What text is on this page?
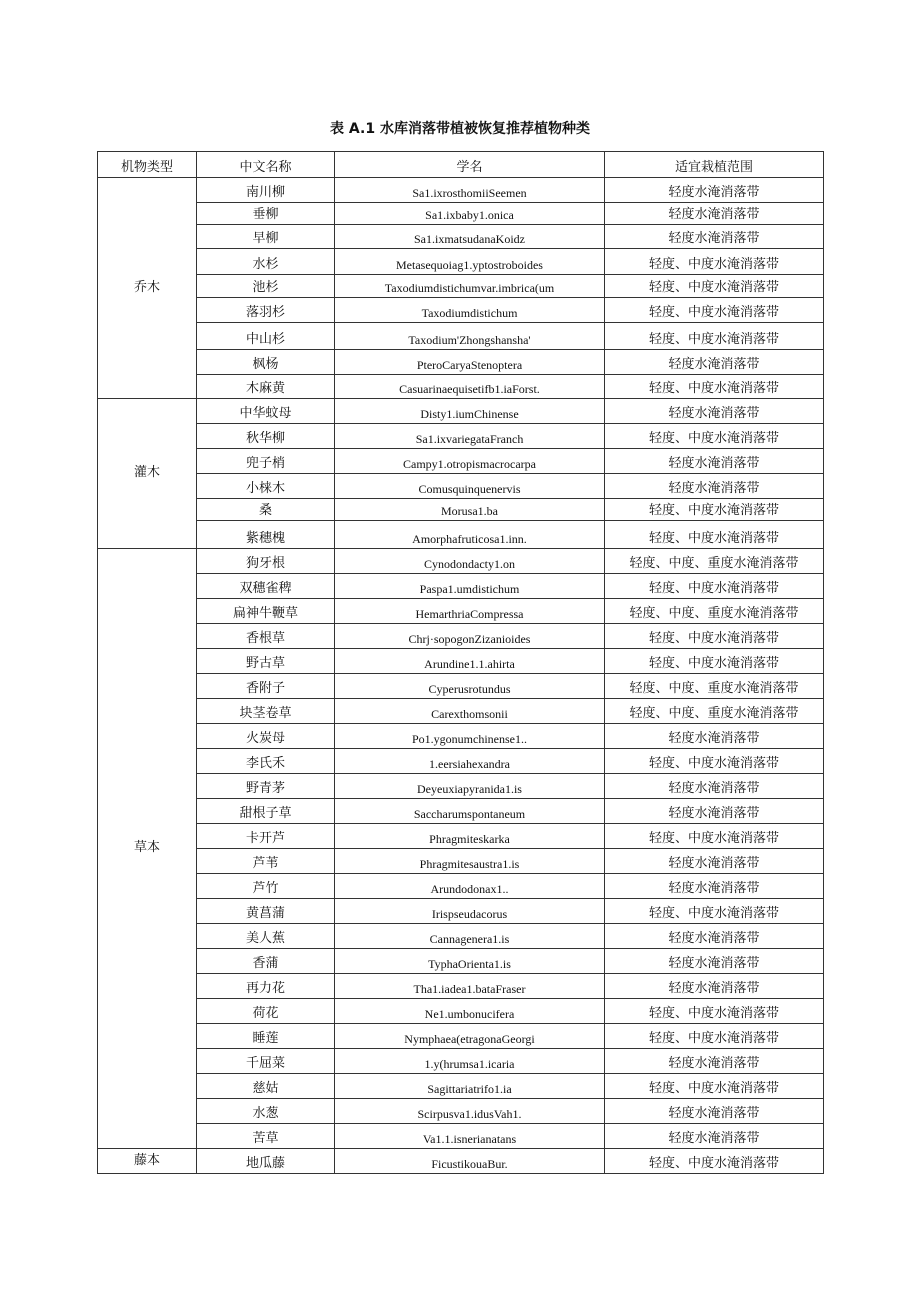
表 A.1 水库消落带植被恢复推荐植物种类
机物类型	中文名称	学名	适宜栽植范围
乔木	南川柳	Sa1.ixrosthomiiSeemen	轻度水淹消落带
	垂柳	Sa1.ixbaby1.onica	轻度水淹消落带
	早柳	Sa1.ixmatsudanaKoidz	轻度水淹消落带
	水杉	Metasequoiag1.yptostroboides	轻度、中度水淹消落带
	池杉	Taxodiumdistichumvar.imbrica(um	轻度、中度水淹消落带
	落羽杉	Taxodiumdistichum	轻度、中度水淹消落带
	中山杉	Taxodium'Zhongshansha'	轻度、中度水淹消落带
	枫杨	PteroCaryaStenoptera	轻度水淹消落带
	木麻黄	Casuarinaequisetifb1.iaForst.	轻度、中度水淹消落带
灌木	中华蚊母	Disty1.iumChinense	轻度水淹消落带
	秋华柳	Sa1.ixvariegataFranch	轻度、中度水淹消落带
	兜子梢	Campy1.otropismacrocarpa	轻度水淹消落带
	小梾木	Comusquinquenervis	轻度水淹消落带
	桑	Morusa1.ba	轻度、中度水淹消落带
	紫穗槐	Amorphafruticosa1.inn.	轻度、中度水淹消落带
草本	狗牙根	Cynodondacty1.on	轻度、中度、重度水淹消落带
	双穗雀稗	Paspa1.umdistichum	轻度、中度水淹消落带
	扁神牛鞭草	HemarthriaCompressa	轻度、中度、重度水淹消落带
	香根草	Chrj·sopogonZizanioides	轻度、中度水淹消落带
	野古草	Arundine1.1.ahirta	轻度、中度水淹消落带
	香附子	Cyperusrotundus	轻度、中度、重度水淹消落带
	块茎卷草	Carexthomsonii	轻度、中度、重度水淹消落带
	火炭母	Po1.ygonumchinense1..	轻度水淹消落带
	李氏禾	1.eersiahexandra	轻度、中度水淹消落带
	野青茅	Deyeuxiapyranida1.is	轻度水淹消落带
	甜根子草	Saccharumspontaneum	轻度水淹消落带
	卡开芦	Phragmiteskarka	轻度、中度水淹消落带
	芦苇	Phragmitesaustra1.is	轻度水淹消落带
	芦竹	Arundodonax1..	轻度水淹消落带
	黄菖蒲	Irispseudacorus	轻度、中度水淹消落带
	美人蕉	Cannagenera1.is	轻度水淹消落带
	香蒲	TyphaOrienta1.is	轻度水淹消落带
	再力花	Tha1.iadea1.bataFraser	轻度水淹消落带
	荷花	Ne1.umbonucifera	轻度、中度水淹消落带
	睡莲	Nymphaea(etragonaGeorgi	轻度、中度水淹消落带
	千屈菜	1.y(hrumsa1.icaria	轻度水淹消落带
	慈姑	Sagittariatrifo1.ia	轻度、中度水淹消落带
	水葱	Scirpusva1.idusVah1.	轻度水淹消落带
	苦草	Va1.1.isnerianatans	轻度水淹消落带
藤本	地瓜藤	FicustikouaBur.	轻度、中度水淹消落带
